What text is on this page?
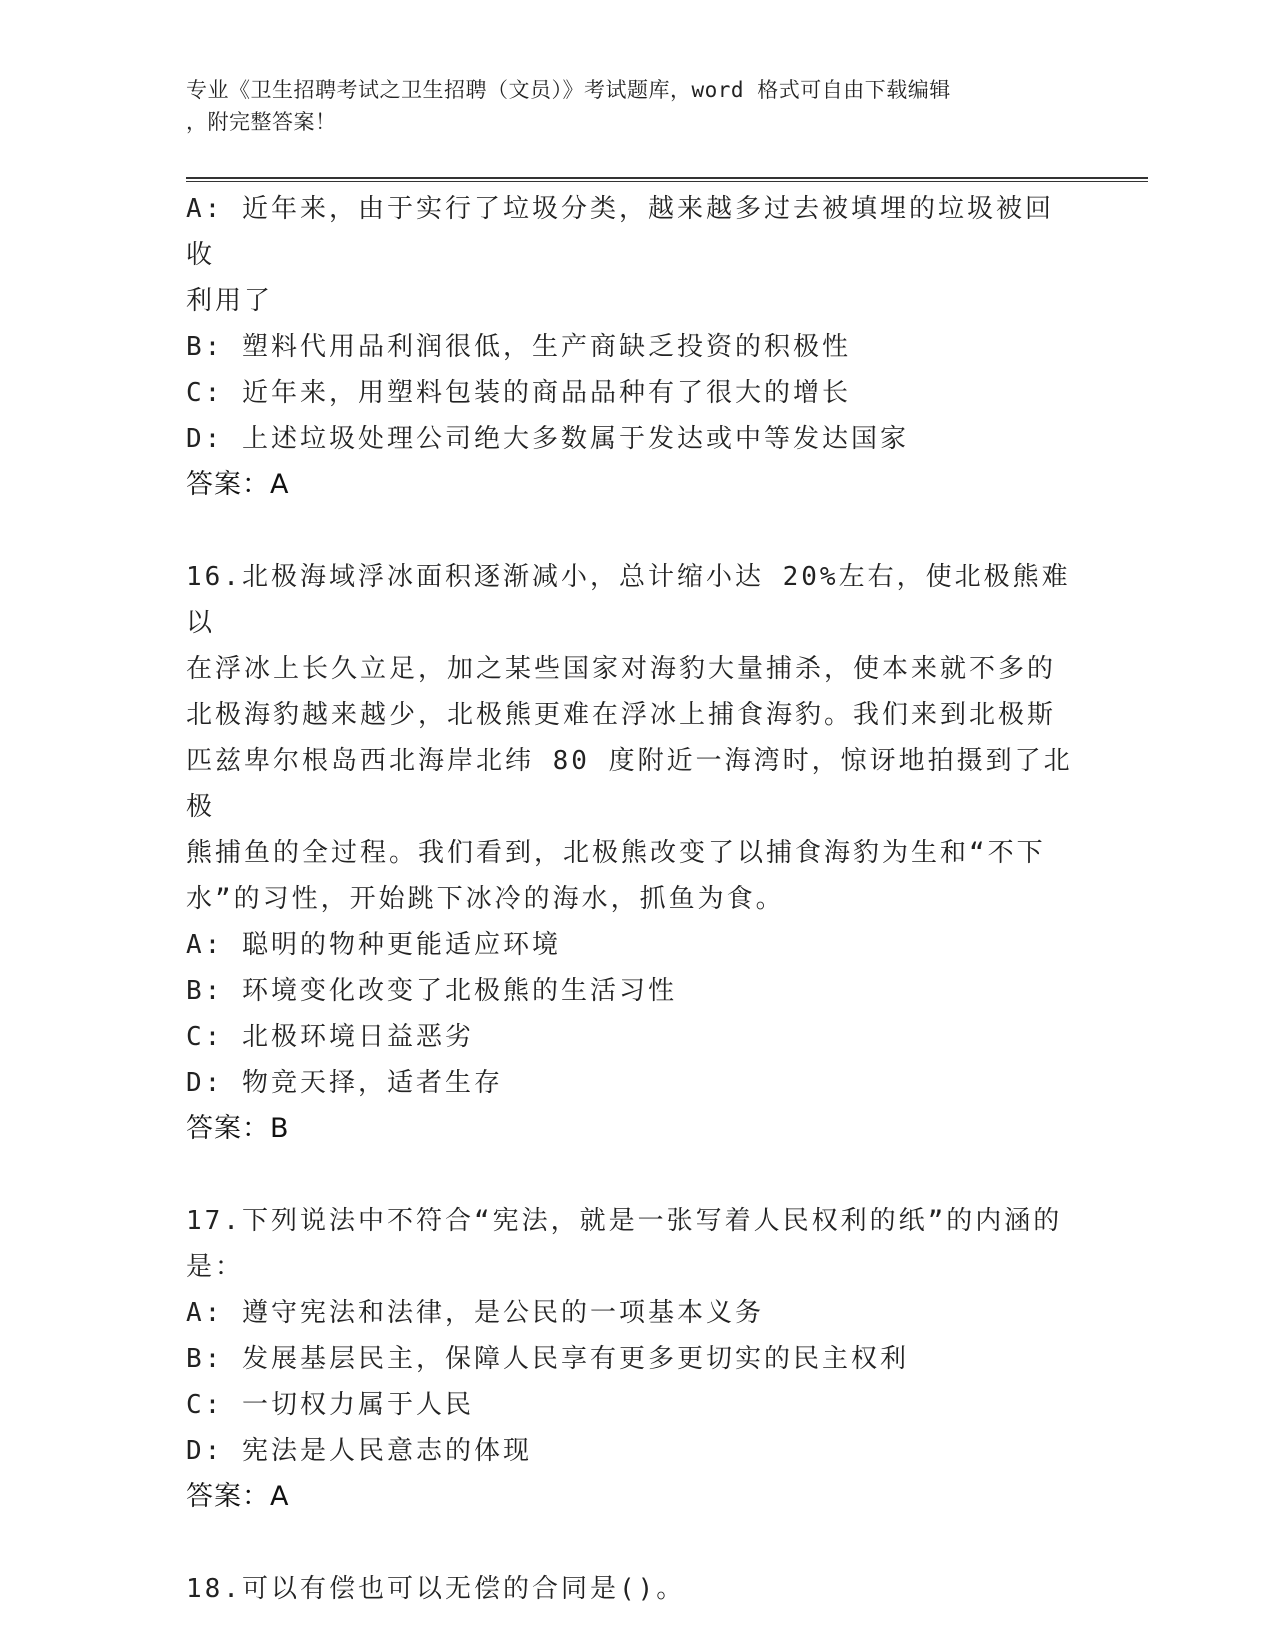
专业《卫生招聘考试之卫生招聘（文员）》考试题库，word 格式可自由下载编辑
，附完整答案！
A: 近年来，由于实行了垃圾分类，越来越多过去被填埋的垃圾被回收
利用了
B: 塑料代用品利润很低，生产商缺乏投资的积极性
C: 近年来，用塑料包装的商品品种有了很大的增长
D: 上述垃圾处理公司绝大多数属于发达或中等发达国家
答案：A
16.北极海域浮冰面积逐渐减小，总计缩小达 20%左右，使北极熊难以
在浮冰上长久立足，加之某些国家对海豹大量捕杀，使本来就不多的
北极海豹越来越少，北极熊更难在浮冰上捕食海豹。我们来到北极斯
匹兹卑尔根岛西北海岸北纬 80 度附近一海湾时，惊讶地拍摄到了北极
熊捕鱼的全过程。我们看到，北极熊改变了以捕食海豹为生和“不下
水”的习性，开始跳下冰冷的海水，抓鱼为食。
A: 聪明的物种更能适应环境
B: 环境变化改变了北极熊的生活习性
C: 北极环境日益恶劣
D: 物竞天择，适者生存
答案：B
17.下列说法中不符合“宪法，就是一张写着人民权利的纸”的内涵的
是：
A: 遵守宪法和法律，是公民的一项基本义务
B: 发展基层民主，保障人民享有更多更切实的民主权利
C: 一切权力属于人民
D: 宪法是人民意志的体现
答案：A
18.可以有偿也可以无偿的合同是()。
